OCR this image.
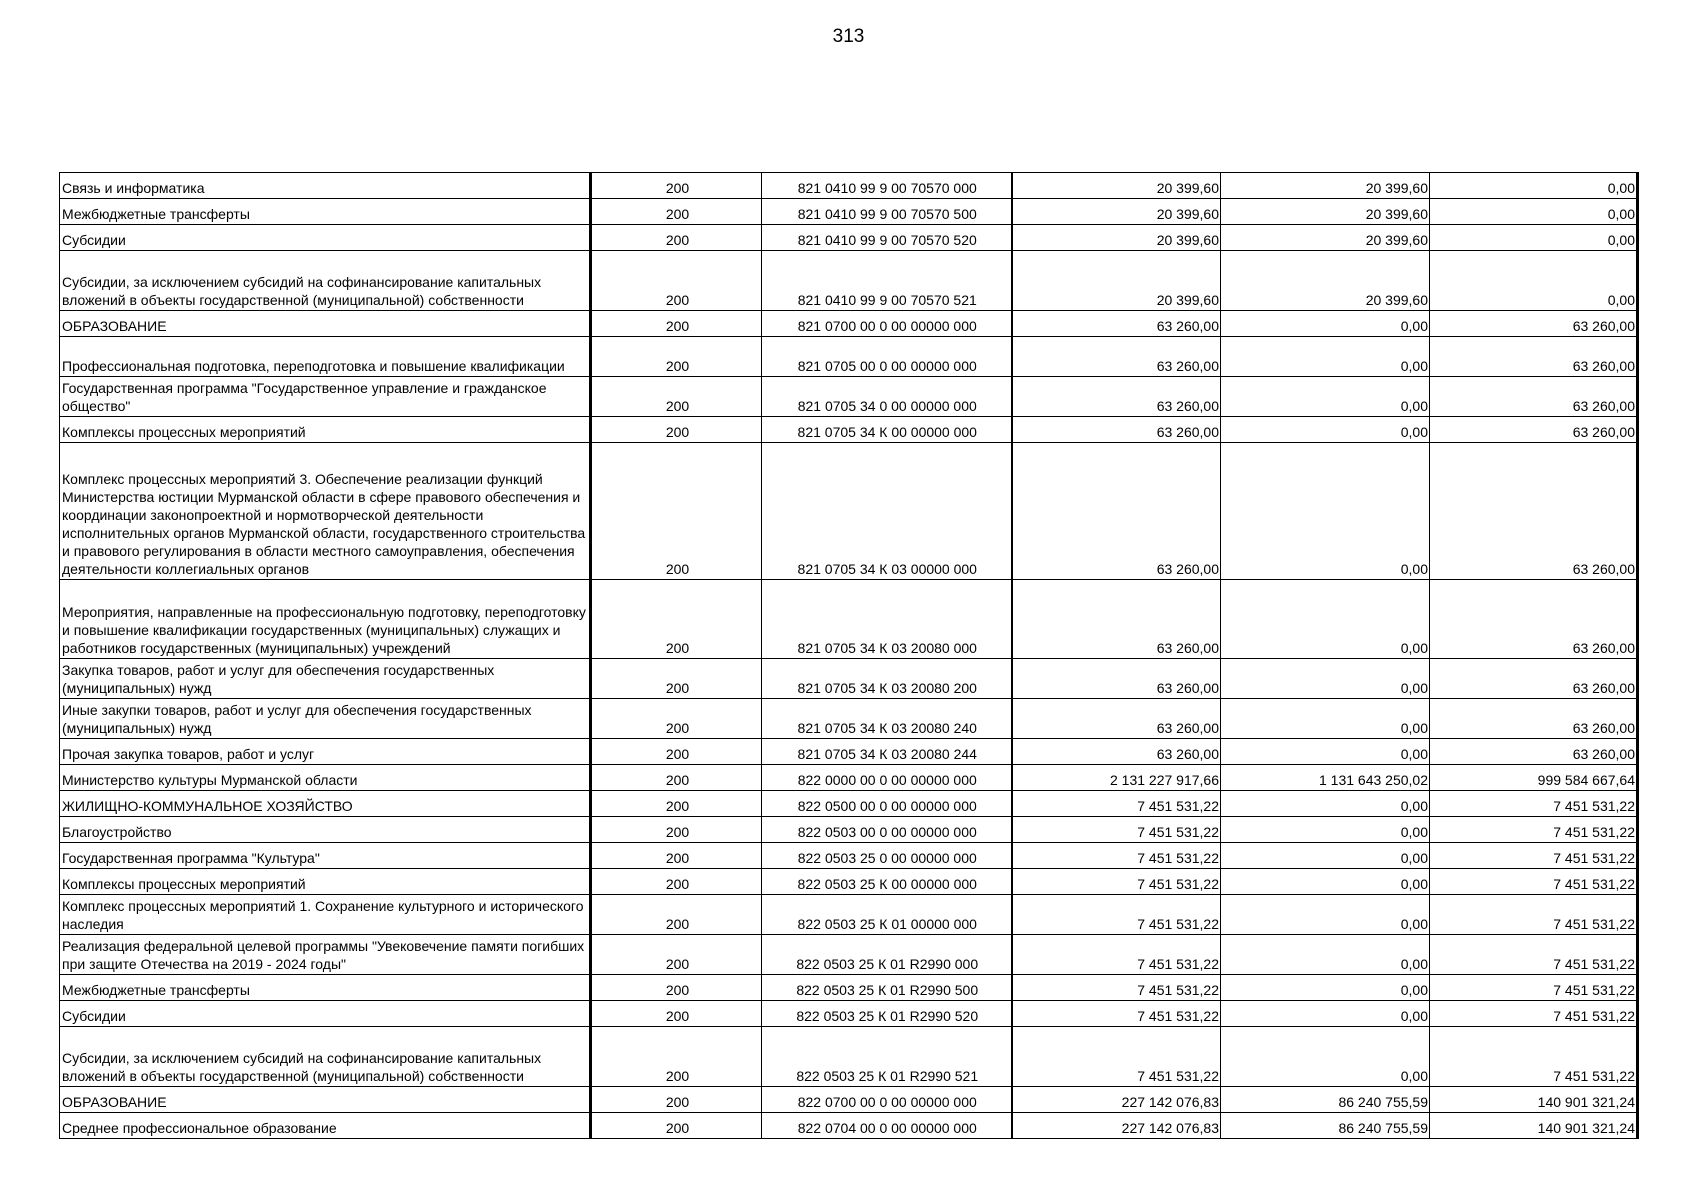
313
Связь и информатика	200	821 0410 99 9 00 70570 000	20 399,60	20 399,60	0,00
Межбюджетные трансферты	200	821 0410 99 9 00 70570 500	20 399,60	20 399,60	0,00
Субсидии	200	821 0410 99 9 00 70570 520	20 399,60	20 399,60	0,00
Субсидии, за исключением субсидий на софинансирование капитальных вложений в объекты государственной (муниципальной) собственности	200	821 0410 99 9 00 70570 521	20 399,60	20 399,60	0,00
ОБРАЗОВАНИЕ	200	821 0700 00 0 00 00000 000	63 260,00	0,00	63 260,00
Профессиональная подготовка, переподготовка и повышение квалификации	200	821 0705 00 0 00 00000 000	63 260,00	0,00	63 260,00
Государственная программа "Государственное управление и гражданское общество"	200	821 0705 34 0 00 00000 000	63 260,00	0,00	63 260,00
Комплексы процессных мероприятий	200	821 0705 34 К 00 00000 000	63 260,00	0,00	63 260,00
Комплекс процессных мероприятий 3. Обеспечение реализации функций Министерства юстиции Мурманской области в сфере правового обеспечения и координации законопроектной и нормотворческой деятельности исполнительных органов Мурманской области, государственного строительства и правового регулирования в области местного самоуправления, обеспечения деятельности коллегиальных органов	200	821 0705 34 К 03 00000 000	63 260,00	0,00	63 260,00
Мероприятия, направленные на профессиональную подготовку, переподготовку и повышение квалификации государственных (муниципальных) служащих и работников государственных (муниципальных) учреждений	200	821 0705 34 К 03 20080 000	63 260,00	0,00	63 260,00
Закупка товаров, работ и услуг для обеспечения государственных (муниципальных) нужд	200	821 0705 34 К 03 20080 200	63 260,00	0,00	63 260,00
Иные закупки товаров, работ и услуг для обеспечения государственных (муниципальных) нужд	200	821 0705 34 К 03 20080 240	63 260,00	0,00	63 260,00
Прочая закупка товаров, работ и услуг	200	821 0705 34 К 03 20080 244	63 260,00	0,00	63 260,00
Министерство культуры Мурманской области	200	822 0000 00 0 00 00000 000	2 131 227 917,66	1 131 643 250,02	999 584 667,64
ЖИЛИЩНО-КОММУНАЛЬНОЕ ХОЗЯЙСТВО	200	822 0500 00 0 00 00000 000	7 451 531,22	0,00	7 451 531,22
Благоустройство	200	822 0503 00 0 00 00000 000	7 451 531,22	0,00	7 451 531,22
Государственная программа "Культура"	200	822 0503 25 0 00 00000 000	7 451 531,22	0,00	7 451 531,22
Комплексы процессных мероприятий	200	822 0503 25 К 00 00000 000	7 451 531,22	0,00	7 451 531,22
Комплекс процессных мероприятий 1. Сохранение культурного и исторического наследия	200	822 0503 25 К 01 00000 000	7 451 531,22	0,00	7 451 531,22
Реализация федеральной целевой программы "Увековечение памяти погибших при защите Отечества на 2019 - 2024 годы"	200	822 0503 25 К 01 R2990 000	7 451 531,22	0,00	7 451 531,22
Межбюджетные трансферты	200	822 0503 25 К 01 R2990 500	7 451 531,22	0,00	7 451 531,22
Субсидии	200	822 0503 25 К 01 R2990 520	7 451 531,22	0,00	7 451 531,22
Субсидии, за исключением субсидий на софинансирование капитальных вложений в объекты государственной (муниципальной) собственности	200	822 0503 25 К 01 R2990 521	7 451 531,22	0,00	7 451 531,22
ОБРАЗОВАНИЕ	200	822 0700 00 0 00 00000 000	227 142 076,83	86 240 755,59	140 901 321,24
Среднее профессиональное образование	200	822 0704 00 0 00 00000 000	227 142 076,83	86 240 755,59	140 901 321,24
